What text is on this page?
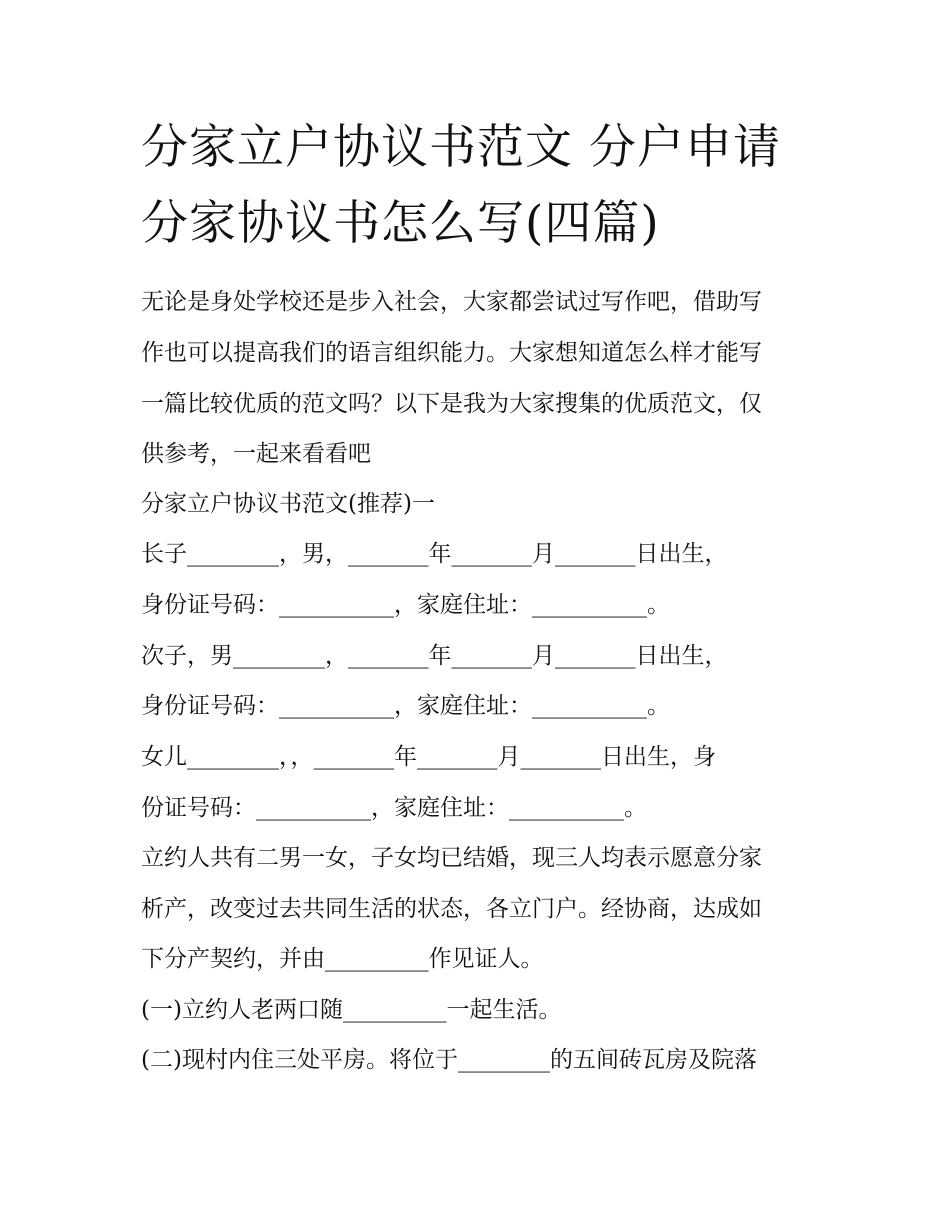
分家立户协议书范文 分户申请
分家协议书怎么写(四篇)
无论是身处学校还是步入社会，大家都尝试过写作吧，借助写
作也可以提高我们的语言组织能力。大家想知道怎么样才能写
一篇比较优质的范文吗？以下是我为大家搜集的优质范文，仅
供参考，一起来看看吧
分家立户协议书范文(推荐)一
长子________，男，_______年_______月_______日出生，
身份证号码：__________，家庭住址：__________。
次子，男________，_______年_______月_______日出生，
身份证号码：__________，家庭住址：__________。
女儿________，，_______年_______月_______日出生，身
份证号码：__________，家庭住址：__________。
立约人共有二男一女，子女均已结婚，现三人均表示愿意分家
析产，改变过去共同生活的状态，各立门户。经协商，达成如
下分产契约，并由_________作见证人。
(一)立约人老两口随_________一起生活。
(二)现村内住三处平房。将位于________的五间砖瓦房及院落
